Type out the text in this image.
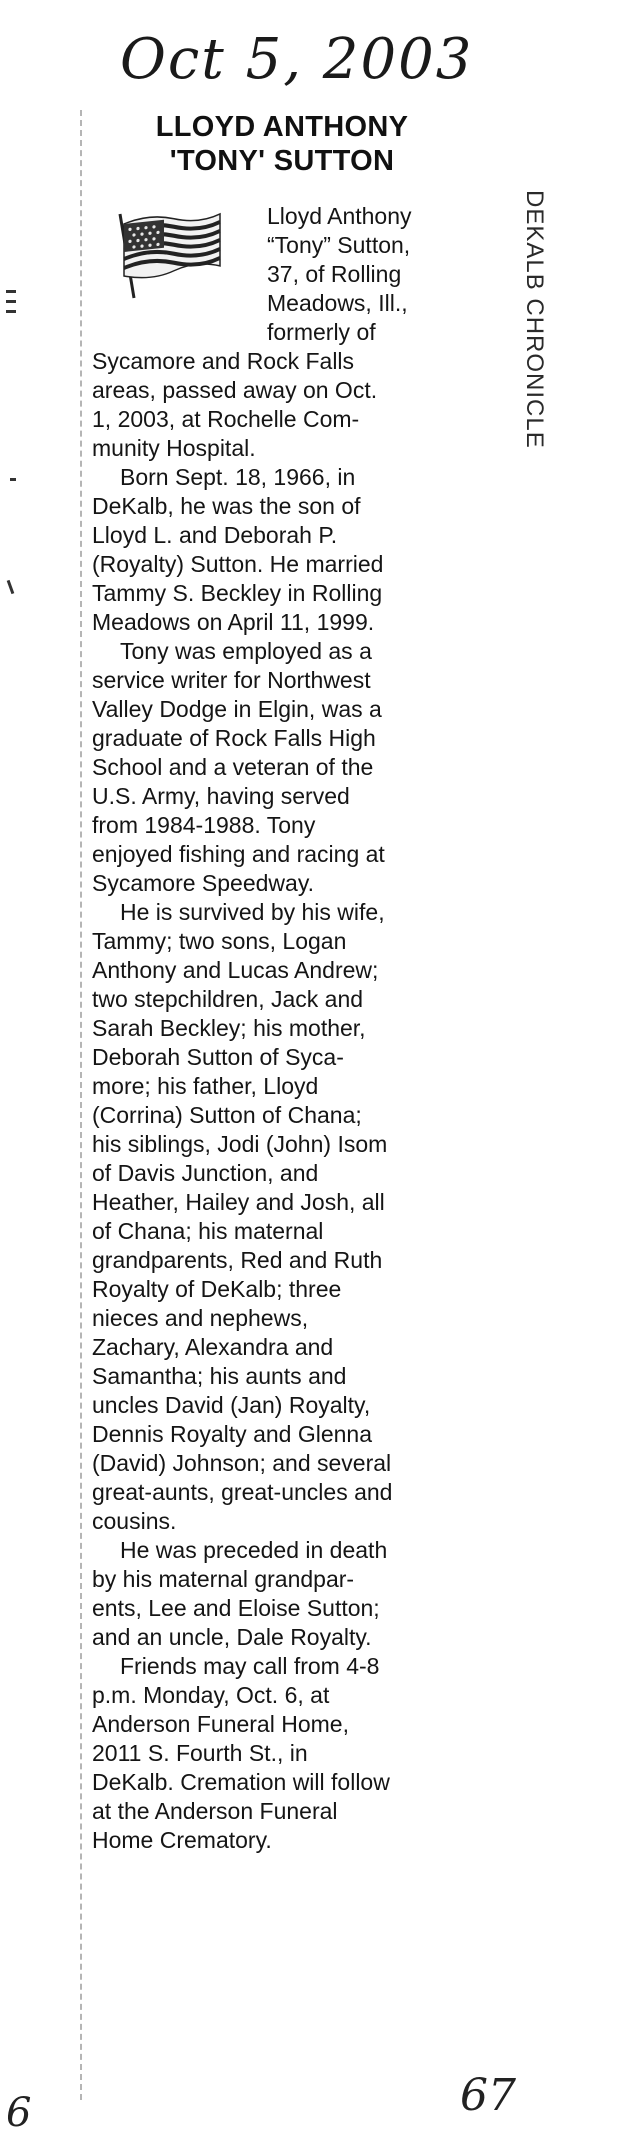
Oct 5, 2003
DEKALB CHRONICLE
LLOYD ANTHONY
'TONY' SUTTON
Lloyd Anthony
“Tony” Sutton,
37, of Rolling
Meadows, Ill.,
formerly of
Sycamore and Rock Falls
areas, passed away on Oct.
1, 2003, at Rochelle Com-
munity Hospital.
Born Sept. 18, 1966, in
DeKalb, he was the son of
Lloyd L. and Deborah P.
(Royalty) Sutton. He married
Tammy S. Beckley in Rolling
Meadows on April 11, 1999.
Tony was employed as a
service writer for Northwest
Valley Dodge in Elgin, was a
graduate of Rock Falls High
School and a veteran of the
U.S. Army, having served
from 1984-1988. Tony
enjoyed fishing and racing at
Sycamore Speedway.
He is survived by his wife,
Tammy; two sons, Logan
Anthony and Lucas Andrew;
two stepchildren, Jack and
Sarah Beckley; his mother,
Deborah Sutton of Syca-
more; his father, Lloyd
(Corrina) Sutton of Chana;
his siblings, Jodi (John) Isom
of Davis Junction, and
Heather, Hailey and Josh, all
of Chana; his maternal
grandparents, Red and Ruth
Royalty of DeKalb; three
nieces and nephews,
Zachary, Alexandra and
Samantha; his aunts and
uncles David (Jan) Royalty,
Dennis Royalty and Glenna
(David) Johnson; and several
great-aunts, great-uncles and
cousins.
He was preceded in death
by his maternal grandpar-
ents, Lee and Eloise Sutton;
and an uncle, Dale Royalty.
Friends may call from 4-8
p.m. Monday, Oct. 6, at
Anderson Funeral Home,
2011 S. Fourth St., in
DeKalb. Cremation will follow
at the Anderson Funeral
Home Crematory.
6	67
